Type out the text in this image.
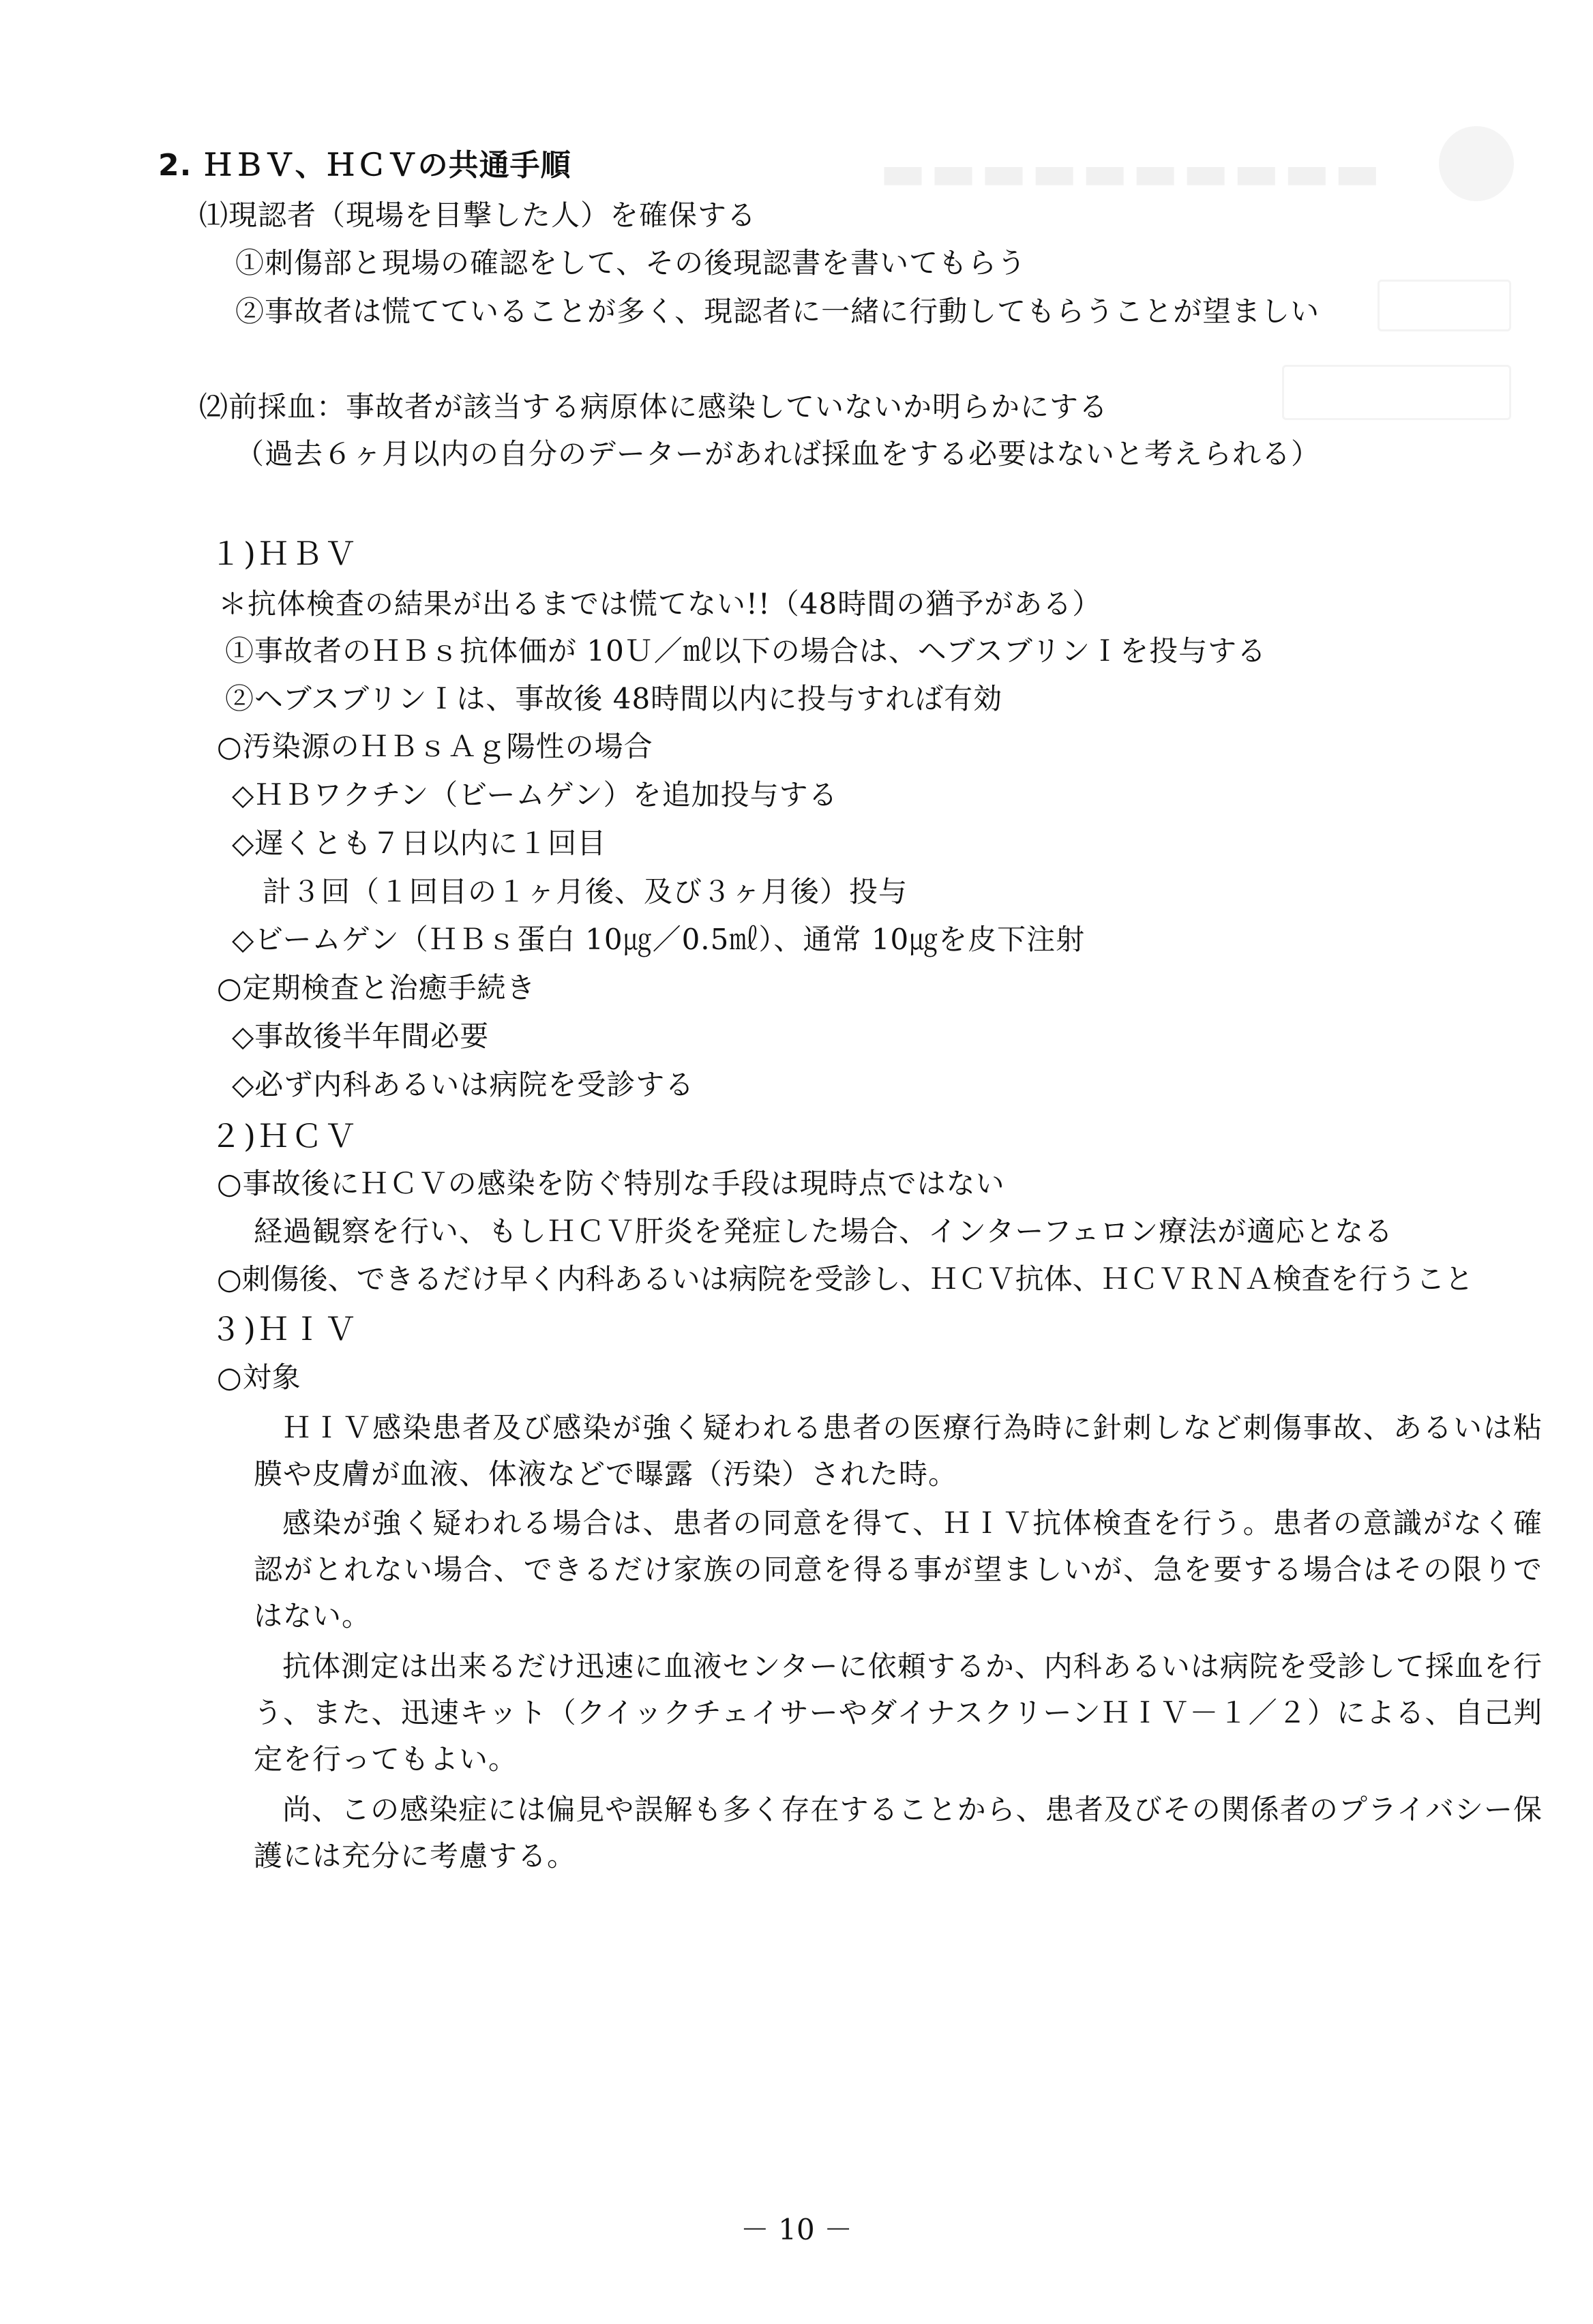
▬▬▬▬▬▬▬▬▬▬
2. ＨＢＶ、ＨＣＶの共通手順
⑴現認者（現場を目撃した人）を確保する
①刺傷部と現場の確認をして、その後現認書を書いてもらう
②事故者は慌てていることが多く、現認者に一緒に行動してもらうことが望ましい
⑵前採血：事故者が該当する病原体に感染していないか明らかにする
（過去６ヶ月以内の自分のデーターがあれば採血をする必要はないと考えられる）
１)ＨＢＶ
＊抗体検査の結果が出るまでは慌てない!!（48時間の猶予がある）
①事故者のＨＢｓ抗体価が 10Ｕ／㎖以下の場合は、ヘブスブリンＩを投与する
②ヘブスブリンＩは、事故後 48時間以内に投与すれば有効
○汚染源のＨＢｓＡｇ陽性の場合
◇ＨＢワクチン（ビームゲン）を追加投与する
◇遅くとも７日以内に１回目
計３回（１回目の１ヶ月後、及び３ヶ月後）投与
◇ビームゲン（ＨＢｓ蛋白 10㎍／0.5㎖）、通常 10㎍を皮下注射
○定期検査と治癒手続き
◇事故後半年間必要
◇必ず内科あるいは病院を受診する
２)ＨＣＶ
○事故後にＨＣＶの感染を防ぐ特別な手段は現時点ではない
経過観察を行い、もしＨＣＶ肝炎を発症した場合、インターフェロン療法が適応となる
○刺傷後、できるだけ早く内科あるいは病院を受診し、ＨＣＶ抗体、ＨＣＶＲＮＡ検査を行うこと
３)ＨＩＶ
○対象
ＨＩＶ感染患者及び感染が強く疑われる患者の医療行為時に針刺しなど刺傷事故、あるいは粘膜や皮膚が血液、体液などで曝露（汚染）された時。
感染が強く疑われる場合は、患者の同意を得て、ＨＩＶ抗体検査を行う。患者の意識がなく確認がとれない場合、できるだけ家族の同意を得る事が望ましいが、急を要する場合はその限りではない。
抗体測定は出来るだけ迅速に血液センターに依頼するか、内科あるいは病院を受診して採血を行う、また、迅速キット（クイックチェイサーやダイナスクリーンＨＩＶ－１／２）による、自己判定を行ってもよい。
尚、この感染症には偏見や誤解も多く存在することから、患者及びその関係者のプライバシー保護には充分に考慮する。
－ 10 －
